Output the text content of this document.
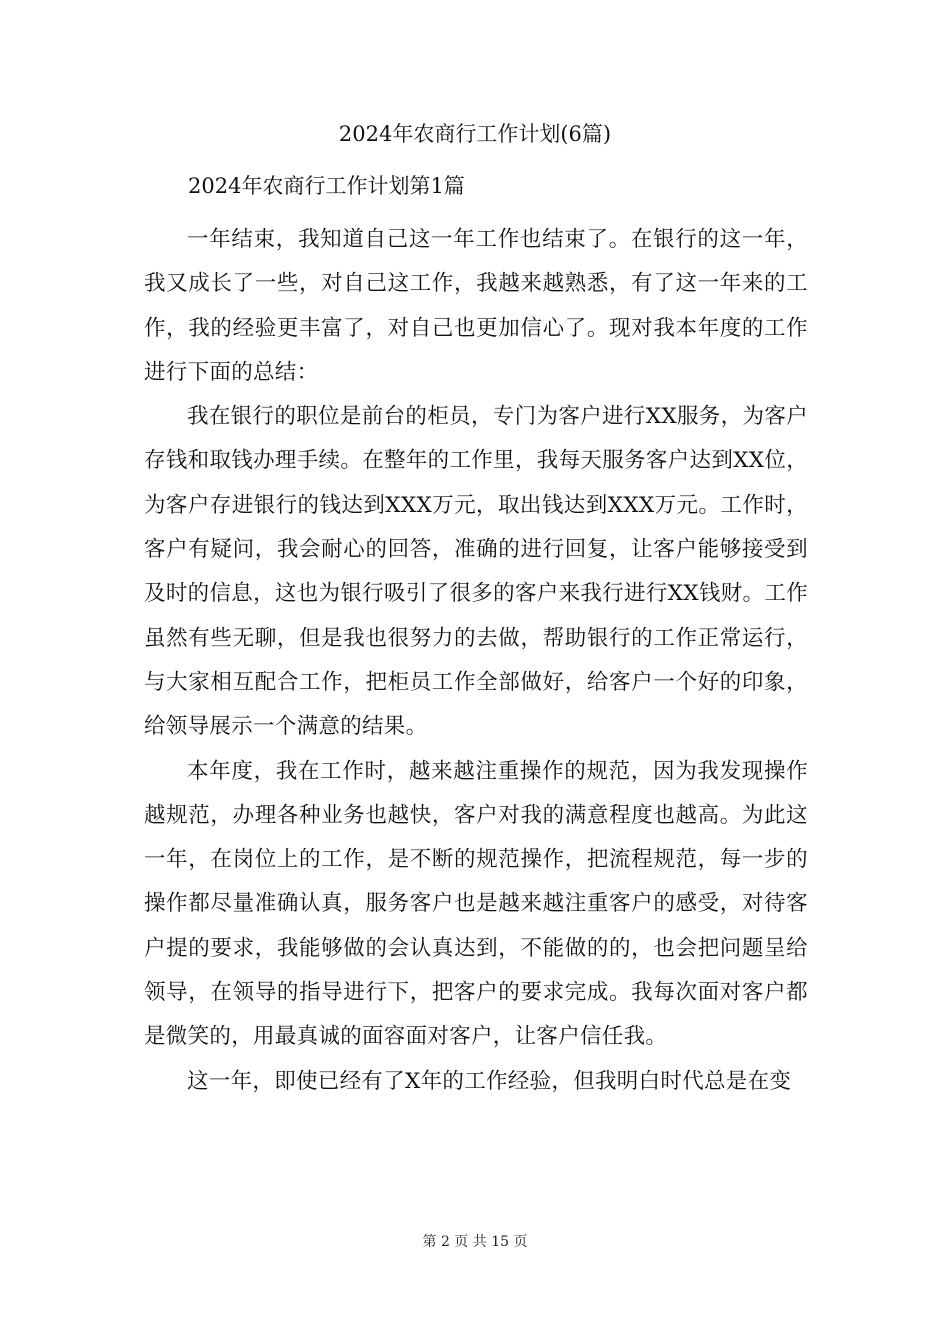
2024年农商行工作计划(6篇)
2024年农商行工作计划第1篇

一年结束，我知道自己这一年工作也结束了。在银行的这一年，我又成长了一些，对自己这工作，我越来越熟悉，有了这一年来的工作，我的经验更丰富了，对自己也更加信心了。现对我本年度的工作进行下面的总结：

我在银行的职位是前台的柜员，专门为客户进行XX服务，为客户存钱和取钱办理手续。在整年的工作里，我每天服务客户达到XX位，为客户存进银行的钱达到XXX万元，取出钱达到XXX万元。工作时，客户有疑问，我会耐心的回答，准确的进行回复，让客户能够接受到及时的信息，这也为银行吸引了很多的客户来我行进行XX钱财。工作虽然有些无聊，但是我也很努力的去做，帮助银行的工作正常运行，与大家相互配合工作，把柜员工作全部做好，给客户一个好的印象，给领导展示一个满意的结果。

本年度，我在工作时，越来越注重操作的规范，因为我发现操作越规范，办理各种业务也越快，客户对我的满意程度也越高。为此这一年，在岗位上的工作，是不断的规范操作，把流程规范，每一步的操作都尽量准确认真，服务客户也是越来越注重客户的感受，对待客户提的要求，我能够做的会认真达到，不能做的的，也会把问题呈给领导，在领导的指导进行下，把客户的要求完成。我每次面对客户都是微笑的，用最真诚的面容面对客户，让客户信任我。

这一年，即使已经有了X年的工作经验，但我明白时代总是在变

第 2 页 共 15 页
